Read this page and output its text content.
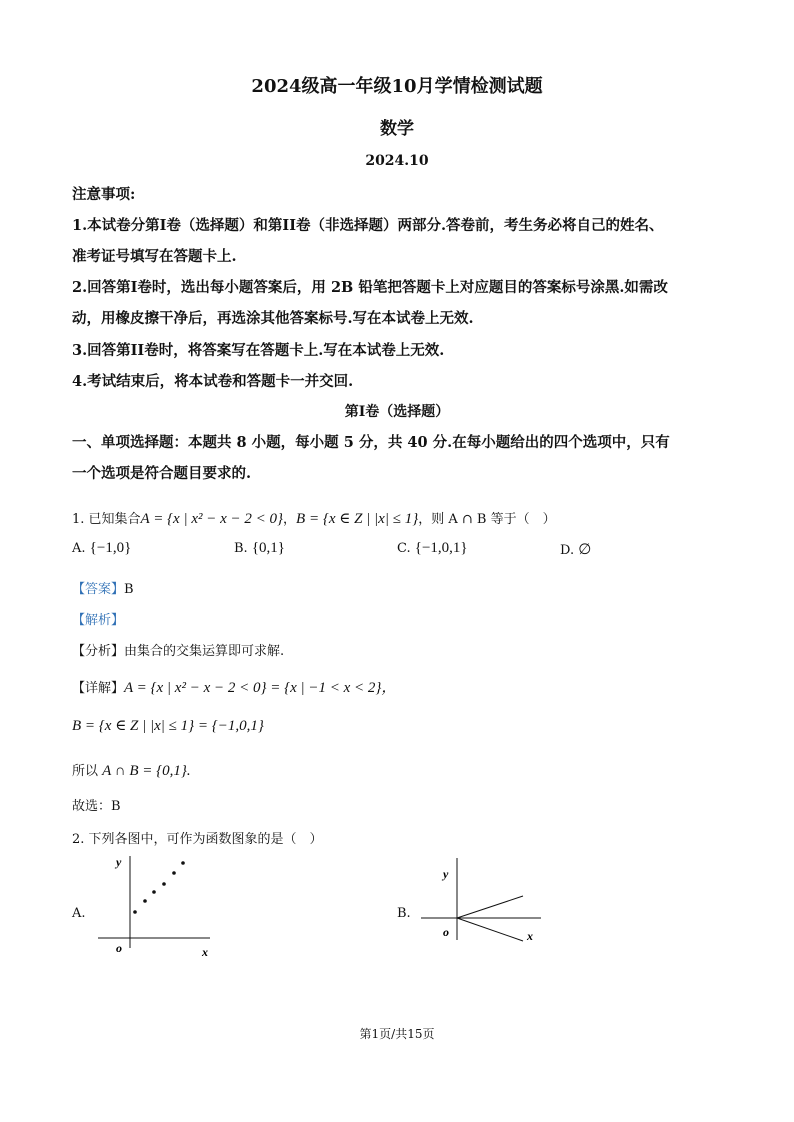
2024级高一年级10月学情检测试题
数学
2024.10
注意事项:
1.本试卷分第I卷（选择题）和第II卷（非选择题）两部分.答卷前，考生务必将自己的姓名、
准考证号填写在答题卡上.
2.回答第I卷时，选出每小题答案后，用 2B 铅笔把答题卡上对应题目的答案标号涂黑.如需改
动，用橡皮擦干净后，再选涂其他答案标号.写在本试卷上无效.
3.回答第II卷时，将答案写在答题卡上.写在本试卷上无效.
4.考试结束后，将本试卷和答题卡一并交回.
第I卷（选择题）
一、单项选择题：本题共 8 小题，每小题 5 分，共 40 分.在每小题给出的四个选项中，只有
一个选项是符合题目要求的.
1. 已知集合A = {x | x² − x − 2 < 0}，B = {x ∈ Z | |x| ≤ 1}，则 A ∩ B 等于（　）
A. {−1,0}	B. {0,1}	C. {−1,0,1}	D. ∅
【答案】B
【解析】
【分析】由集合的交集运算即可求解.
【详解】A = {x | x² − x − 2 < 0} = {x | −1 < x < 2}，
B = {x ∈ Z | |x| ≤ 1} = {−1,0,1}
所以 A ∩ B = {0,1}.
故选：B
2. 下列各图中，可作为函数图象的是（　）
A.
y
x
o
B.
y
x
o
第1页/共15页
